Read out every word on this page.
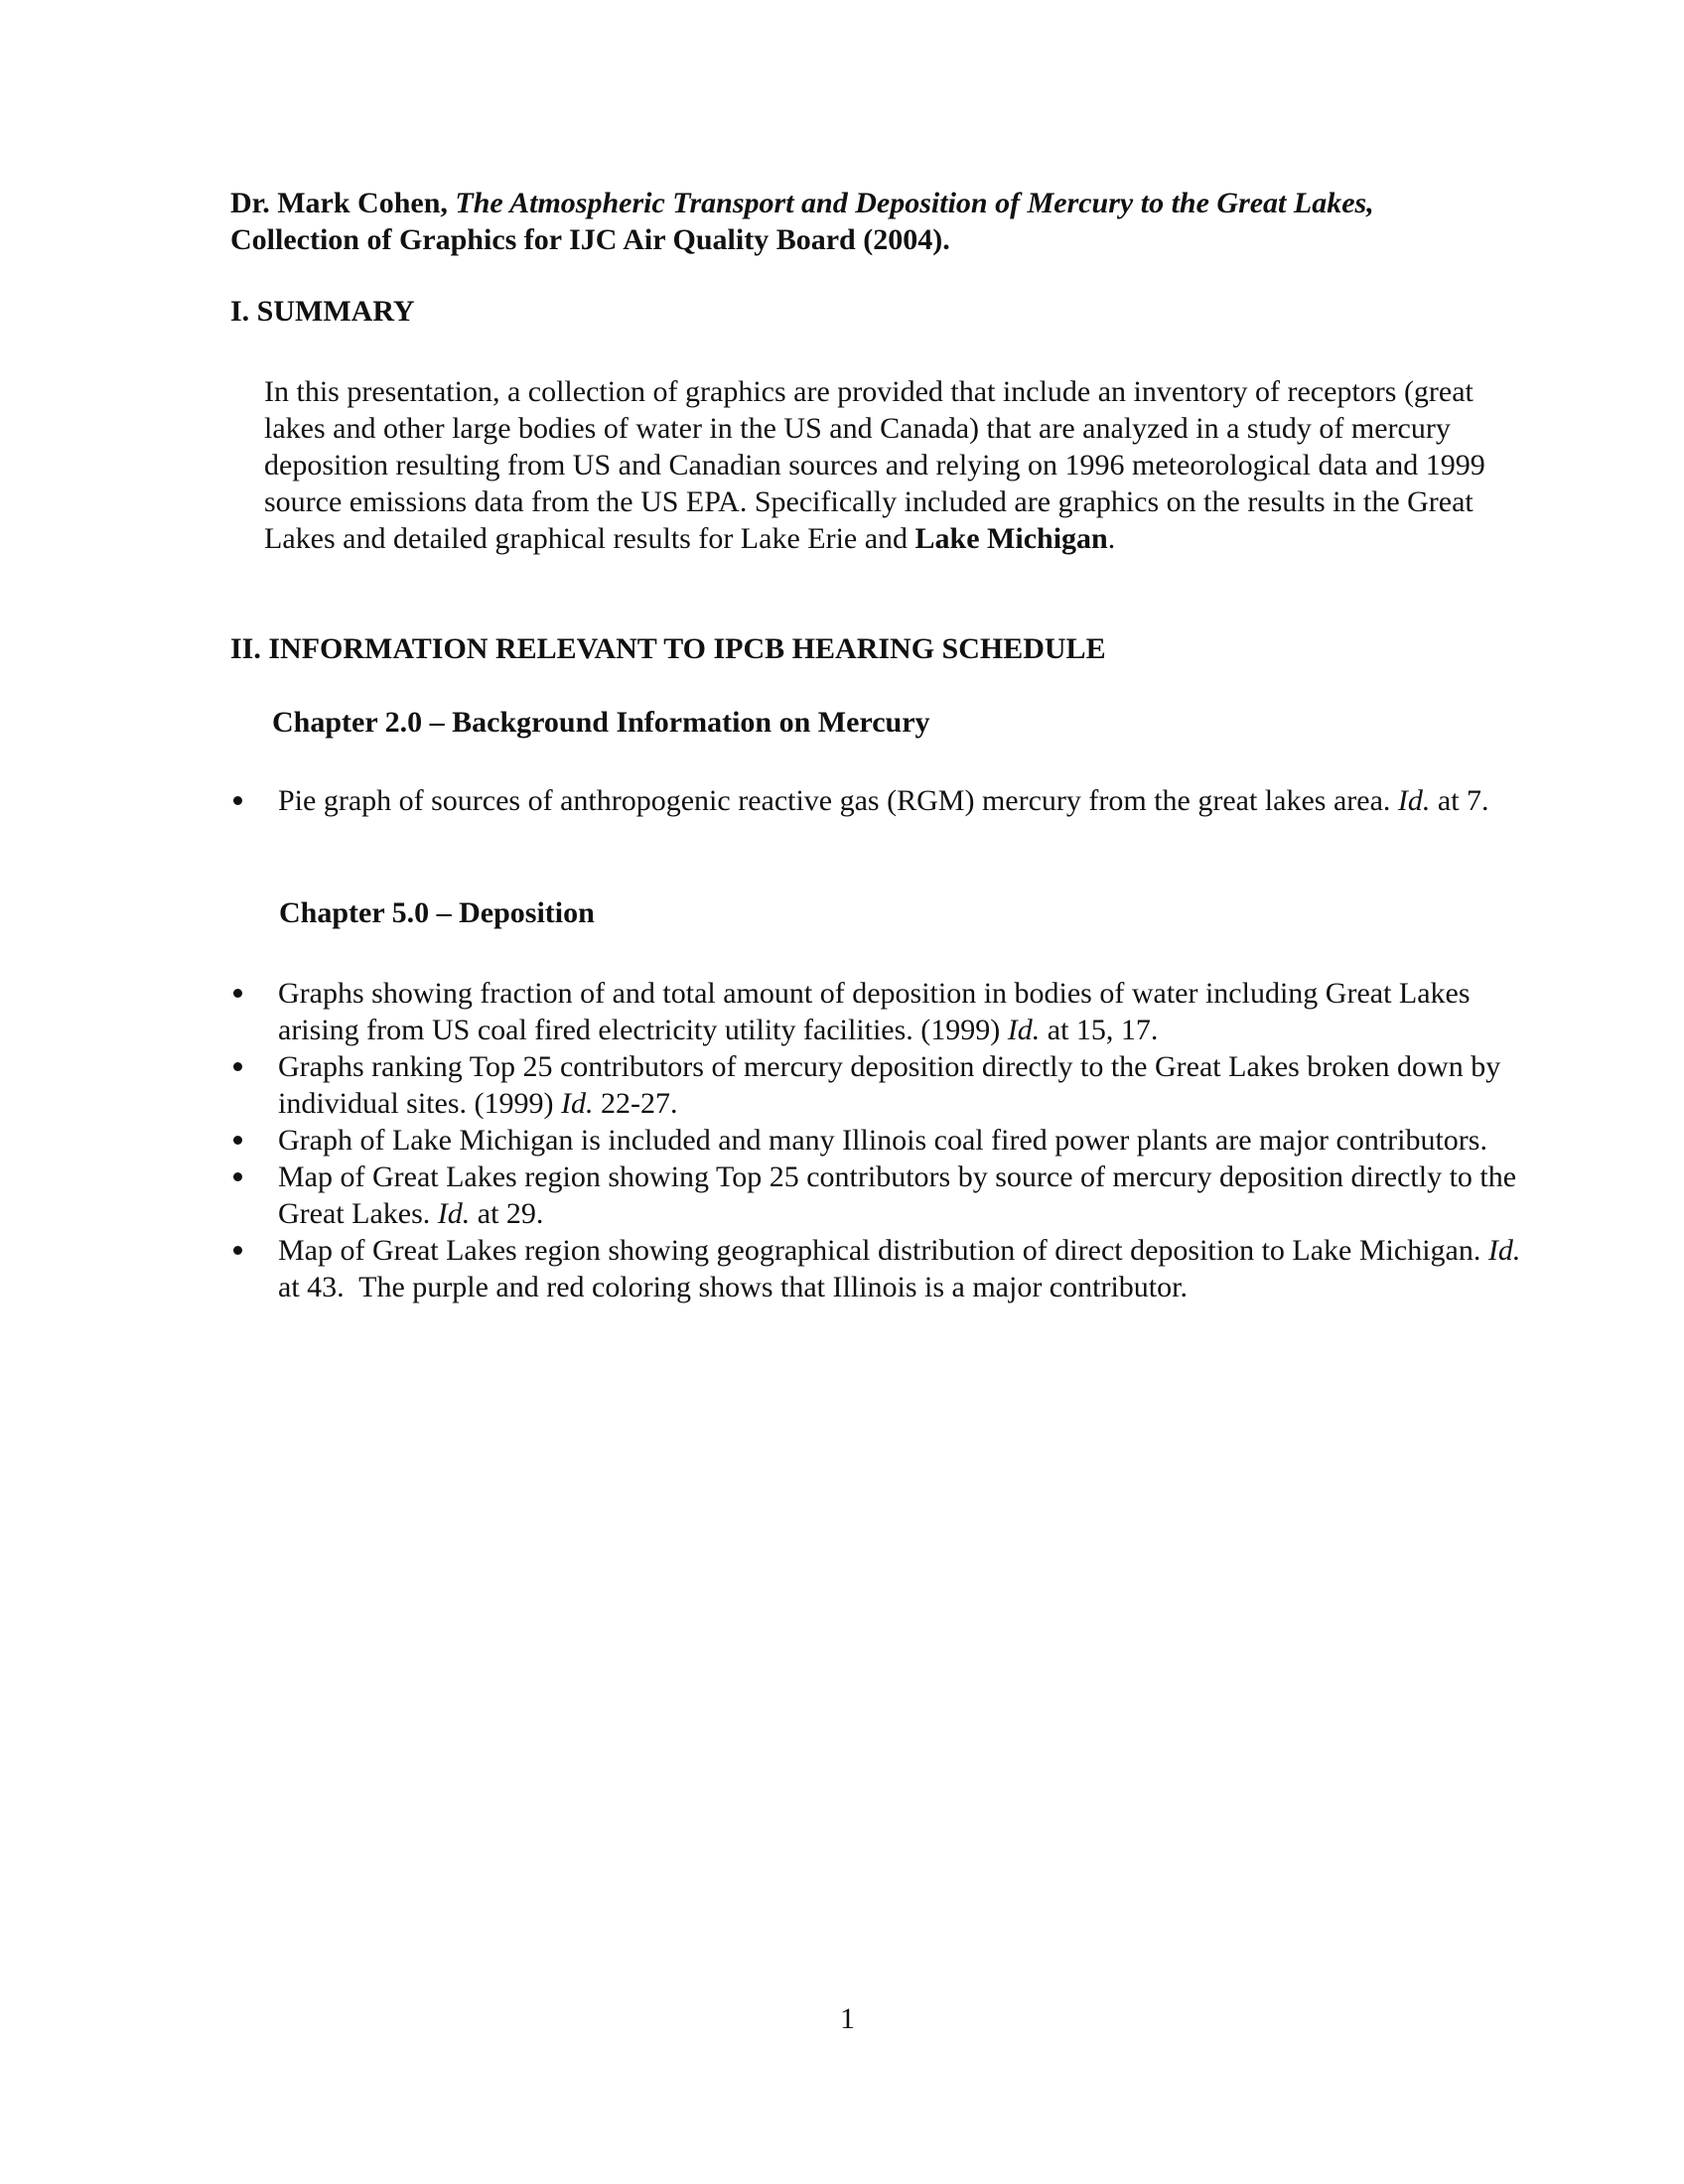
Dr. Mark Cohen, The Atmospheric Transport and Deposition of Mercury to the Great Lakes,
Collection of Graphics for IJC Air Quality Board (2004).
I. SUMMARY

In this presentation, a collection of graphics are provided that include an inventory of receptors (great lakes and other large bodies of water in the US and Canada) that are analyzed in a study of mercury deposition resulting from US and Canadian sources and relying on 1996 meteorological data and 1999 source emissions data from the US EPA. Specifically included are graphics on the results in the Great Lakes and detailed graphical results for Lake Erie and Lake Michigan.

II. INFORMATION RELEVANT TO IPCB HEARING SCHEDULE
Chapter 2.0 – Background Information on Mercury
Pie graph of sources of anthropogenic reactive gas (RGM) mercury from the great lakes area. Id. at 7.
Chapter 5.0 – Deposition
Graphs showing fraction of and total amount of deposition in bodies of water including Great Lakes arising from US coal fired electricity utility facilities. (1999) Id. at 15, 17.
Graphs ranking Top 25 contributors of mercury deposition directly to the Great Lakes broken down by individual sites. (1999) Id. 22-27.
Graph of Lake Michigan is included and many Illinois coal fired power plants are major contributors.
Map of Great Lakes region showing Top 25 contributors by source of mercury deposition directly to the Great Lakes. Id. at 29.
Map of Great Lakes region showing geographical distribution of direct deposition to Lake Michigan. Id. at 43. The purple and red coloring shows that Illinois is a major contributor.
1
